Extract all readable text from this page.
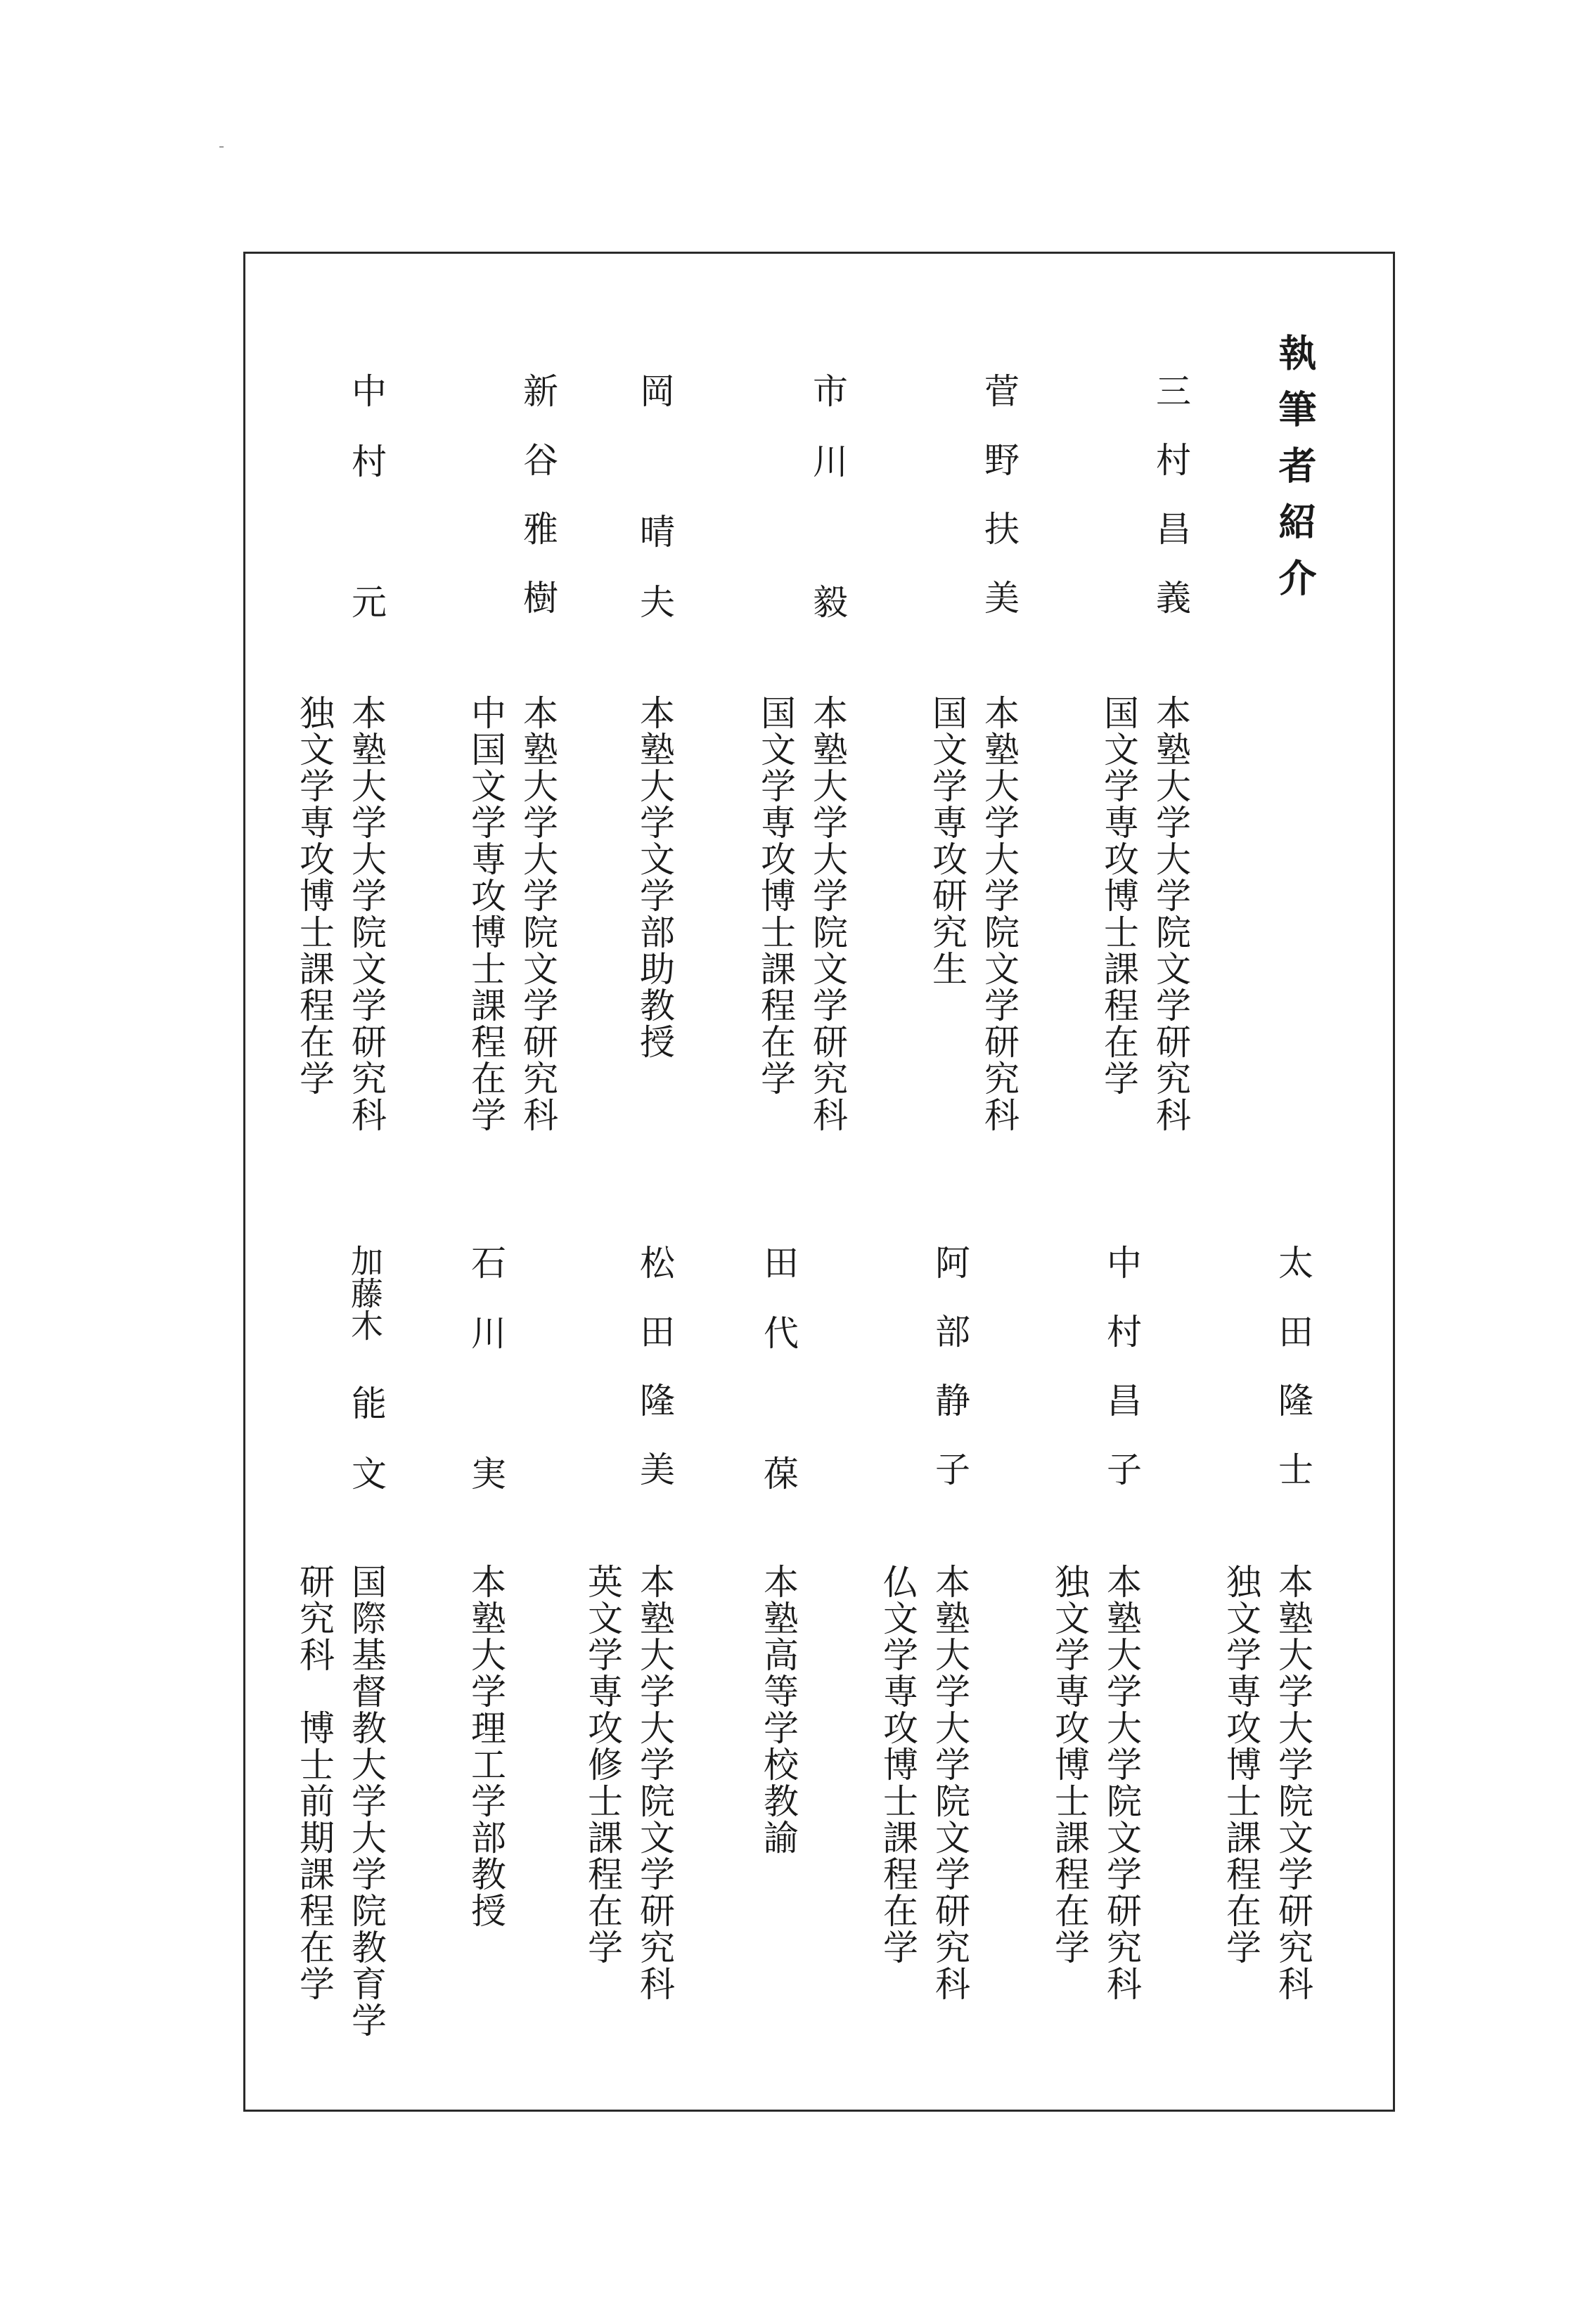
執筆者紹介
三村昌義
本塾大学大学院文学研究科
国文学専攻博士課程在学
菅野扶美
本塾大学大学院文学研究科
国文学専攻研究生
市
川
毅
本塾大学大学院文学研究科
国文学専攻博士課程在学
岡
晴
夫
本塾大学文学部助教授
新谷雅樹
本塾大学大学院文学研究科
中国文学専攻博士課程在学
中
村
元
本塾大学大学院文学研究科
独文学専攻博士課程在学
太田隆士
本塾大学大学院文学研究科
独文学専攻博士課程在学
中村昌子
本塾大学大学院文学研究科
独文学専攻博士課程在学
阿部静子
本塾大学大学院文学研究科
仏文学専攻博士課程在学
田
代
葆
本塾高等学校教諭
松田隆美
本塾大学大学院文学研究科
英文学専攻修士課程在学
石
川
実
本塾大学理工学部教授
加藤木
能
文
国際基督教大学大学院教育学
研究科　博士前期課程在学
